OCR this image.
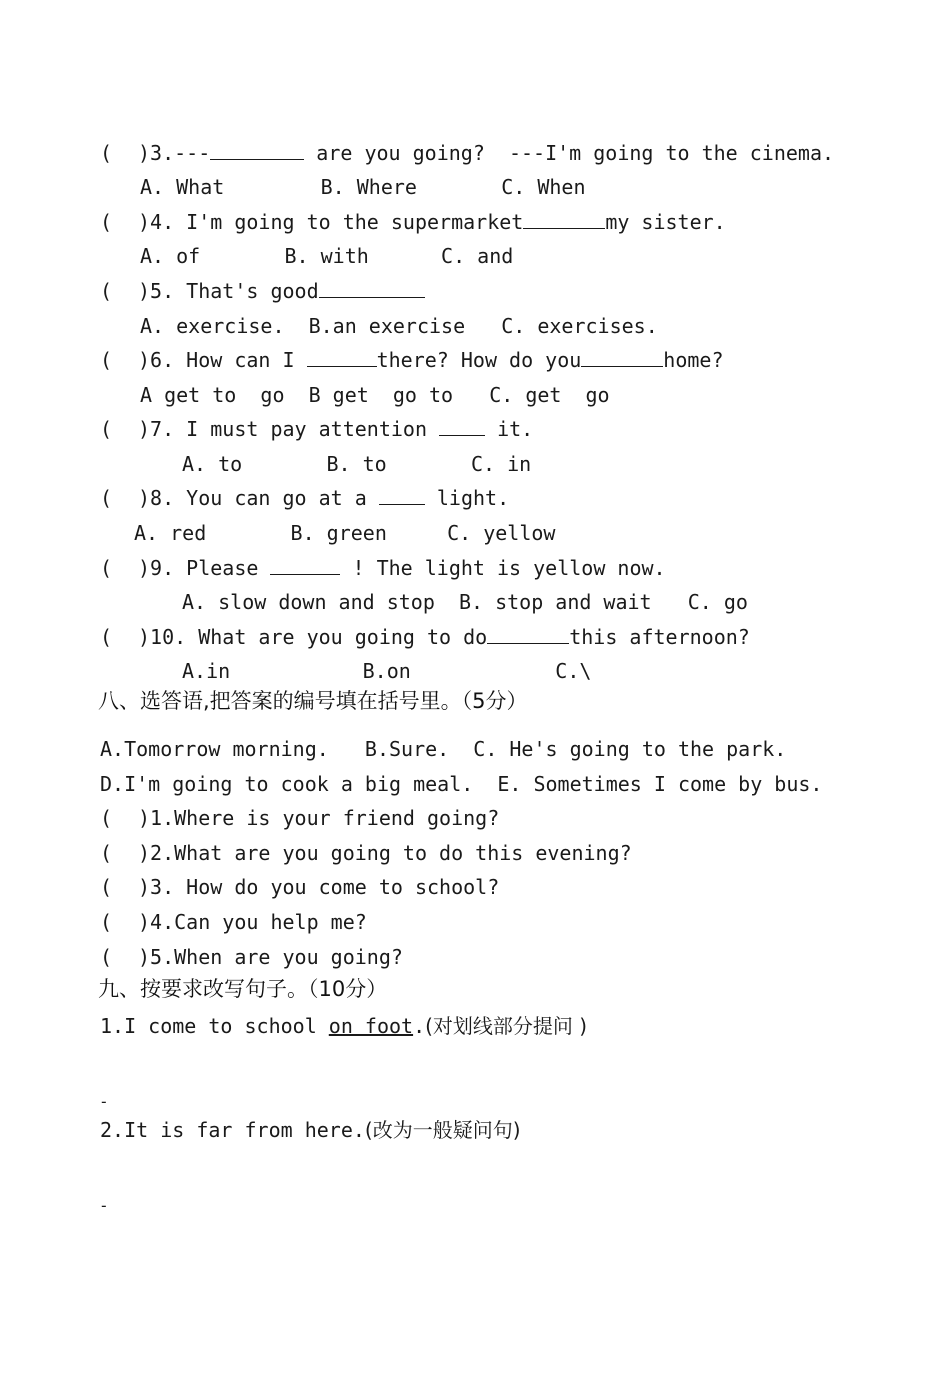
( )3.---	are you going?  ---I'm going to the cinema.
A. What        B. Where       C. When
( )4. I'm going to the supermarket	my sister.
A. of       B. with      C. and
( )5. That's good
A. exercise.  B.an exercise   C. exercises.
( )6. How can I	there? How do you	home?
A get to  go  B get  go to   C. get  go
( )7. I must pay attention  it.
A. to       B. to       C. in
( )8. You can go at a  light.
A. red       B. green     C. yellow
( )9. Please	! The light is yellow now.
A. slow down and stop  B. stop and wait   C. go
( )10. What are you going to do	this afternoon?
A.in           B.on            C.\
八、选答语,把答案的编号填在括号里。（5分）
A.Tomorrow morning.   B.Sure.  C. He's going to the park.
D.I'm going to cook a big meal.  E. Sometimes I come by bus.
( )1.Where is your friend going?
( )2.What are you going to do this evening?
( )3. How do you come to school?
( )4.Can you help me?
( )5.When are you going?
九、按要求改写句子。（10分）
1.I come to school on foot.(对划线部分提问 )
-
2.It is far from here.(改为一般疑问句)
-
